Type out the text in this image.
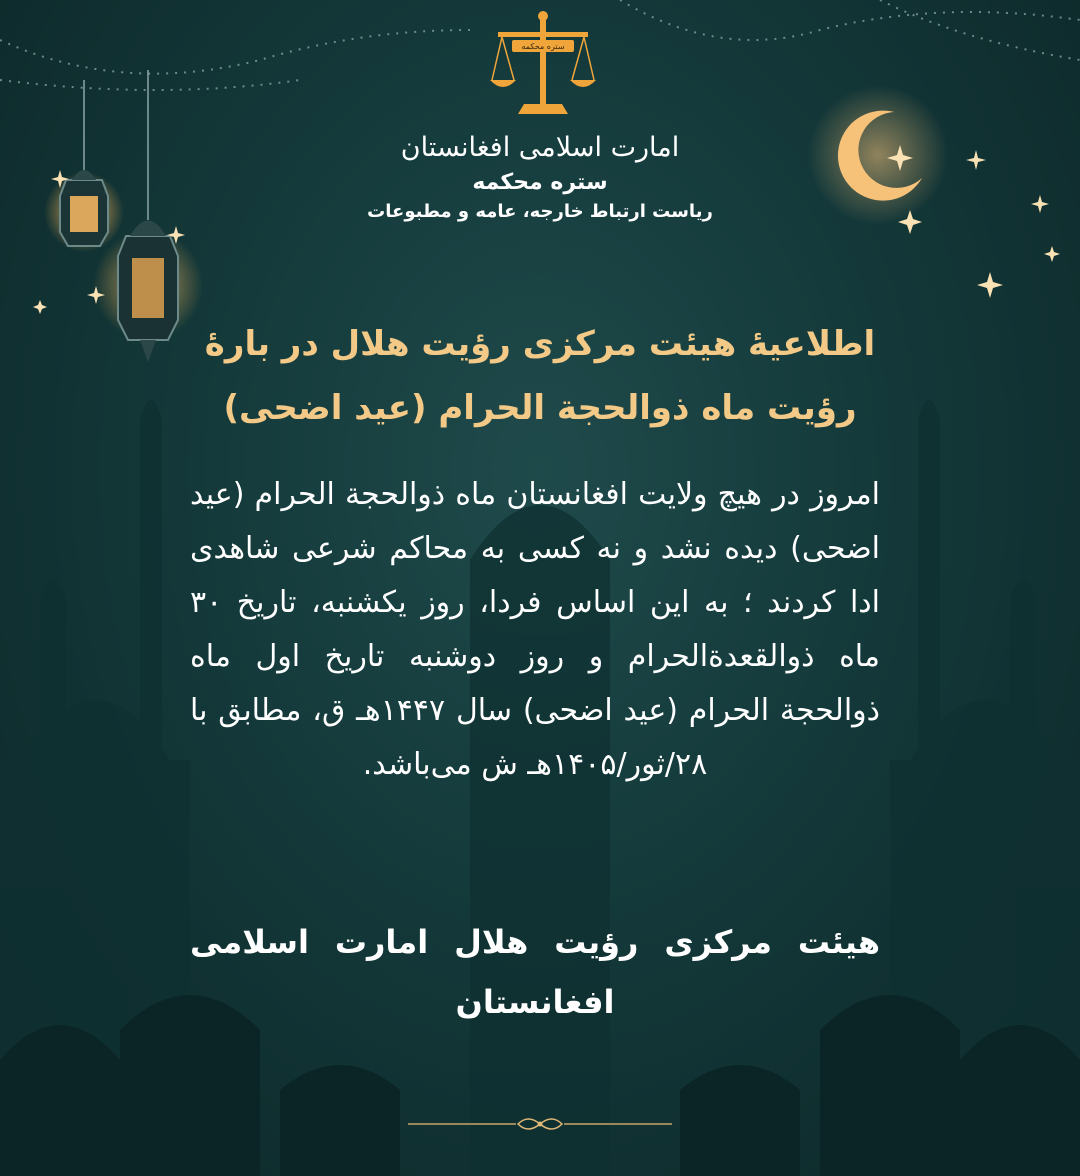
ستره محکمه
امارت اسلامی افغانستان
ستره محکمه
ریاست ارتباط خارجه، عامه و مطبوعات
اطلاعیۀ هیئت مرکزی رؤیت هلال در بارۀ رؤیت ماه ذوالحجة الحرام (عید اضحی)
امروز در هیچ ولایت افغانستان ماه ذوالحجة الحرام (عید اضحی) دیده نشد و نه کسی به محاکم شرعی شاهدی ادا کردند ؛ به این اساس فردا، روز یکشنبه، تاریخ ۳۰ ماه ذوالقعدةالحرام و روز دوشنبه تاریخ اول ماه ذوالحجة الحرام (عید اضحی) سال ۱۴۴۷هـ ق، مطابق با ۲۸/ثور/۱۴۰۵هـ ش می‌باشد.
هیئت مرکزی رؤیت هلال امارت اسلامی افغانستان
